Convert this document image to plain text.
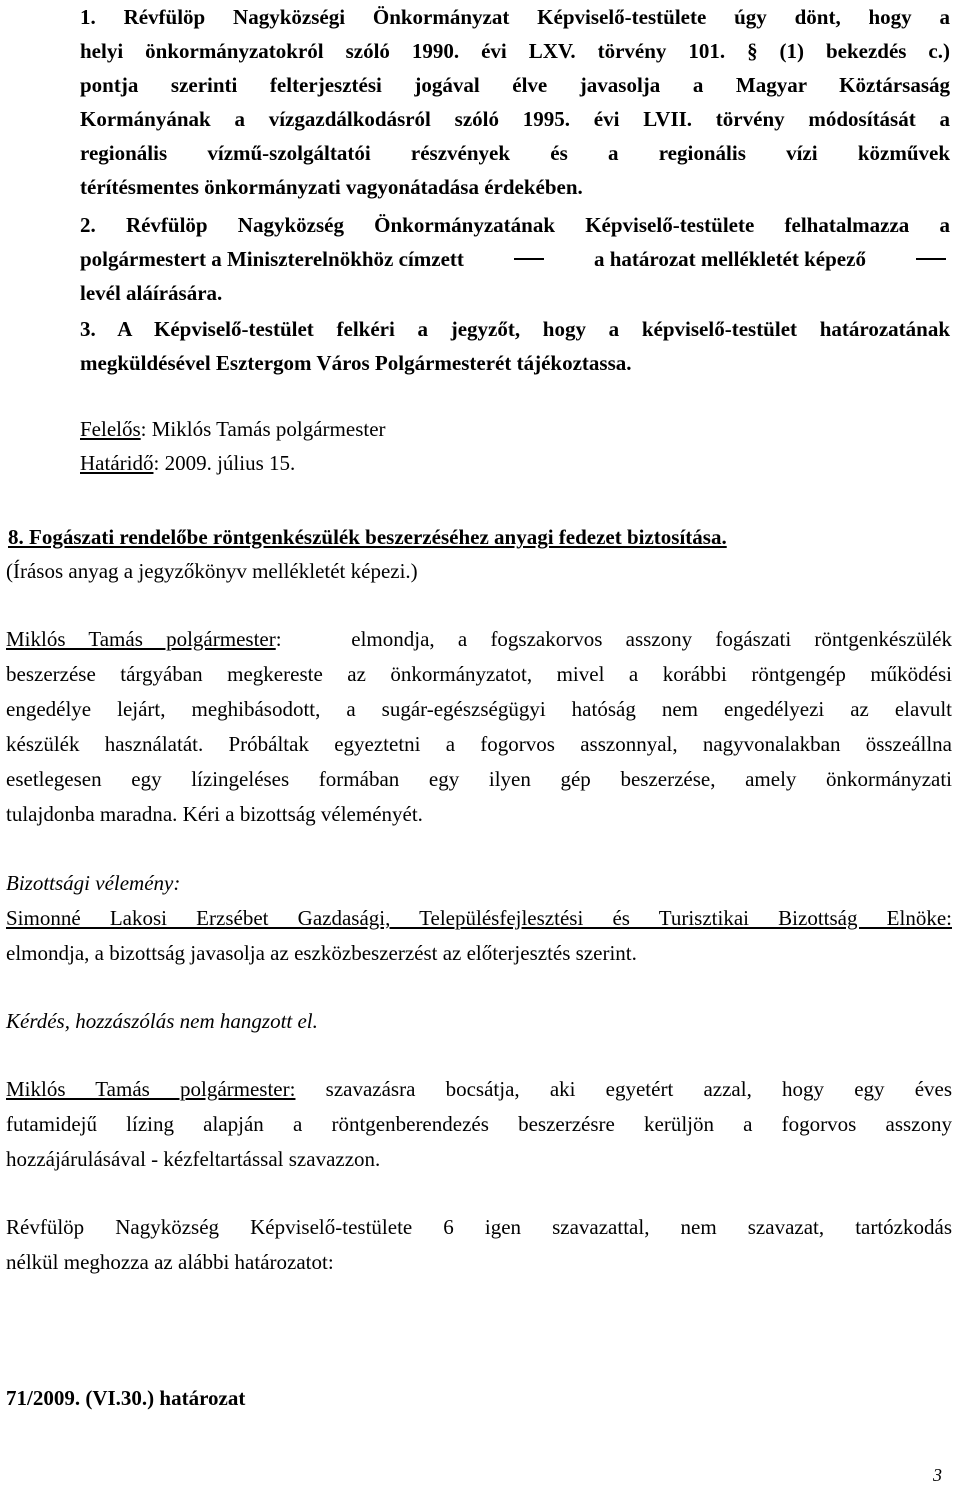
1. Révfülöp Nagyközségi Önkormányzat Képviselő-testülete úgy dönt, hogy a
helyi önkormányzatokról szóló 1990. évi LXV. törvény 101. § (1) bekezdés c.)
pontja szerinti felterjesztési jogával élve javasolja a Magyar Köztársaság
Kormányának a vízgazdálkodásról szóló 1995. évi LVII. törvény módosítását a
regionális vízmű-szolgáltatói részvények és a regionális vízi közművek
térítésmentes önkormányzati vagyonátadása érdekében.
2. Révfülöp Nagyközség Önkormányzatának Képviselő-testülete felhatalmazza a
polgármestert a Miniszterelnökhöz címzett	a határozat mellékletét képező
levél aláírására.
3. A Képviselő-testület felkéri a jegyzőt, hogy a képviselő-testület határozatának
megküldésével Esztergom Város Polgármesterét tájékoztassa.
Felelős: Miklós Tamás polgármester
Határidő: 2009. július 15.
8. Fogászati rendelőbe röntgenkészülék beszerzéséhez anyagi fedezet biztosítása.
(Írásos anyag a jegyzőkönyv mellékletét képezi.)
Miklós Tamás polgármester:   elmondja, a fogszakorvos asszony fogászati röntgenkészülék
beszerzése tárgyában megkereste az önkormányzatot, mivel a korábbi röntgengép működési
engedélye lejárt, meghibásodott, a sugár-egészségügyi hatóság nem engedélyezi az elavult
készülék használatát. Próbáltak egyeztetni a fogorvos asszonnyal, nagyvonalakban összeállna
esetlegesen egy lízingeléses formában egy ilyen gép beszerzése, amely önkormányzati
tulajdonba maradna. Kéri a bizottság véleményét.
Bizottsági vélemény:
Simonné Lakosi Erzsébet Gazdasági, Településfejlesztési és Turisztikai Bizottság Elnöke:
elmondja, a bizottság javasolja az eszközbeszerzést az előterjesztés szerint.
Kérdés, hozzászólás nem hangzott el.
Miklós Tamás polgármester: szavazásra bocsátja, aki egyetért azzal, hogy egy éves
futamidejű lízing alapján a röntgenberendezés beszerzésre kerüljön a fogorvos asszony
hozzájárulásával - kézfeltartással szavazzon.
Révfülöp Nagyközség Képviselő-testülete 6 igen szavazattal, nem szavazat, tartózkodás
nélkül meghozza az alábbi határozatot:
71/2009. (VI.30.) határozat
3
